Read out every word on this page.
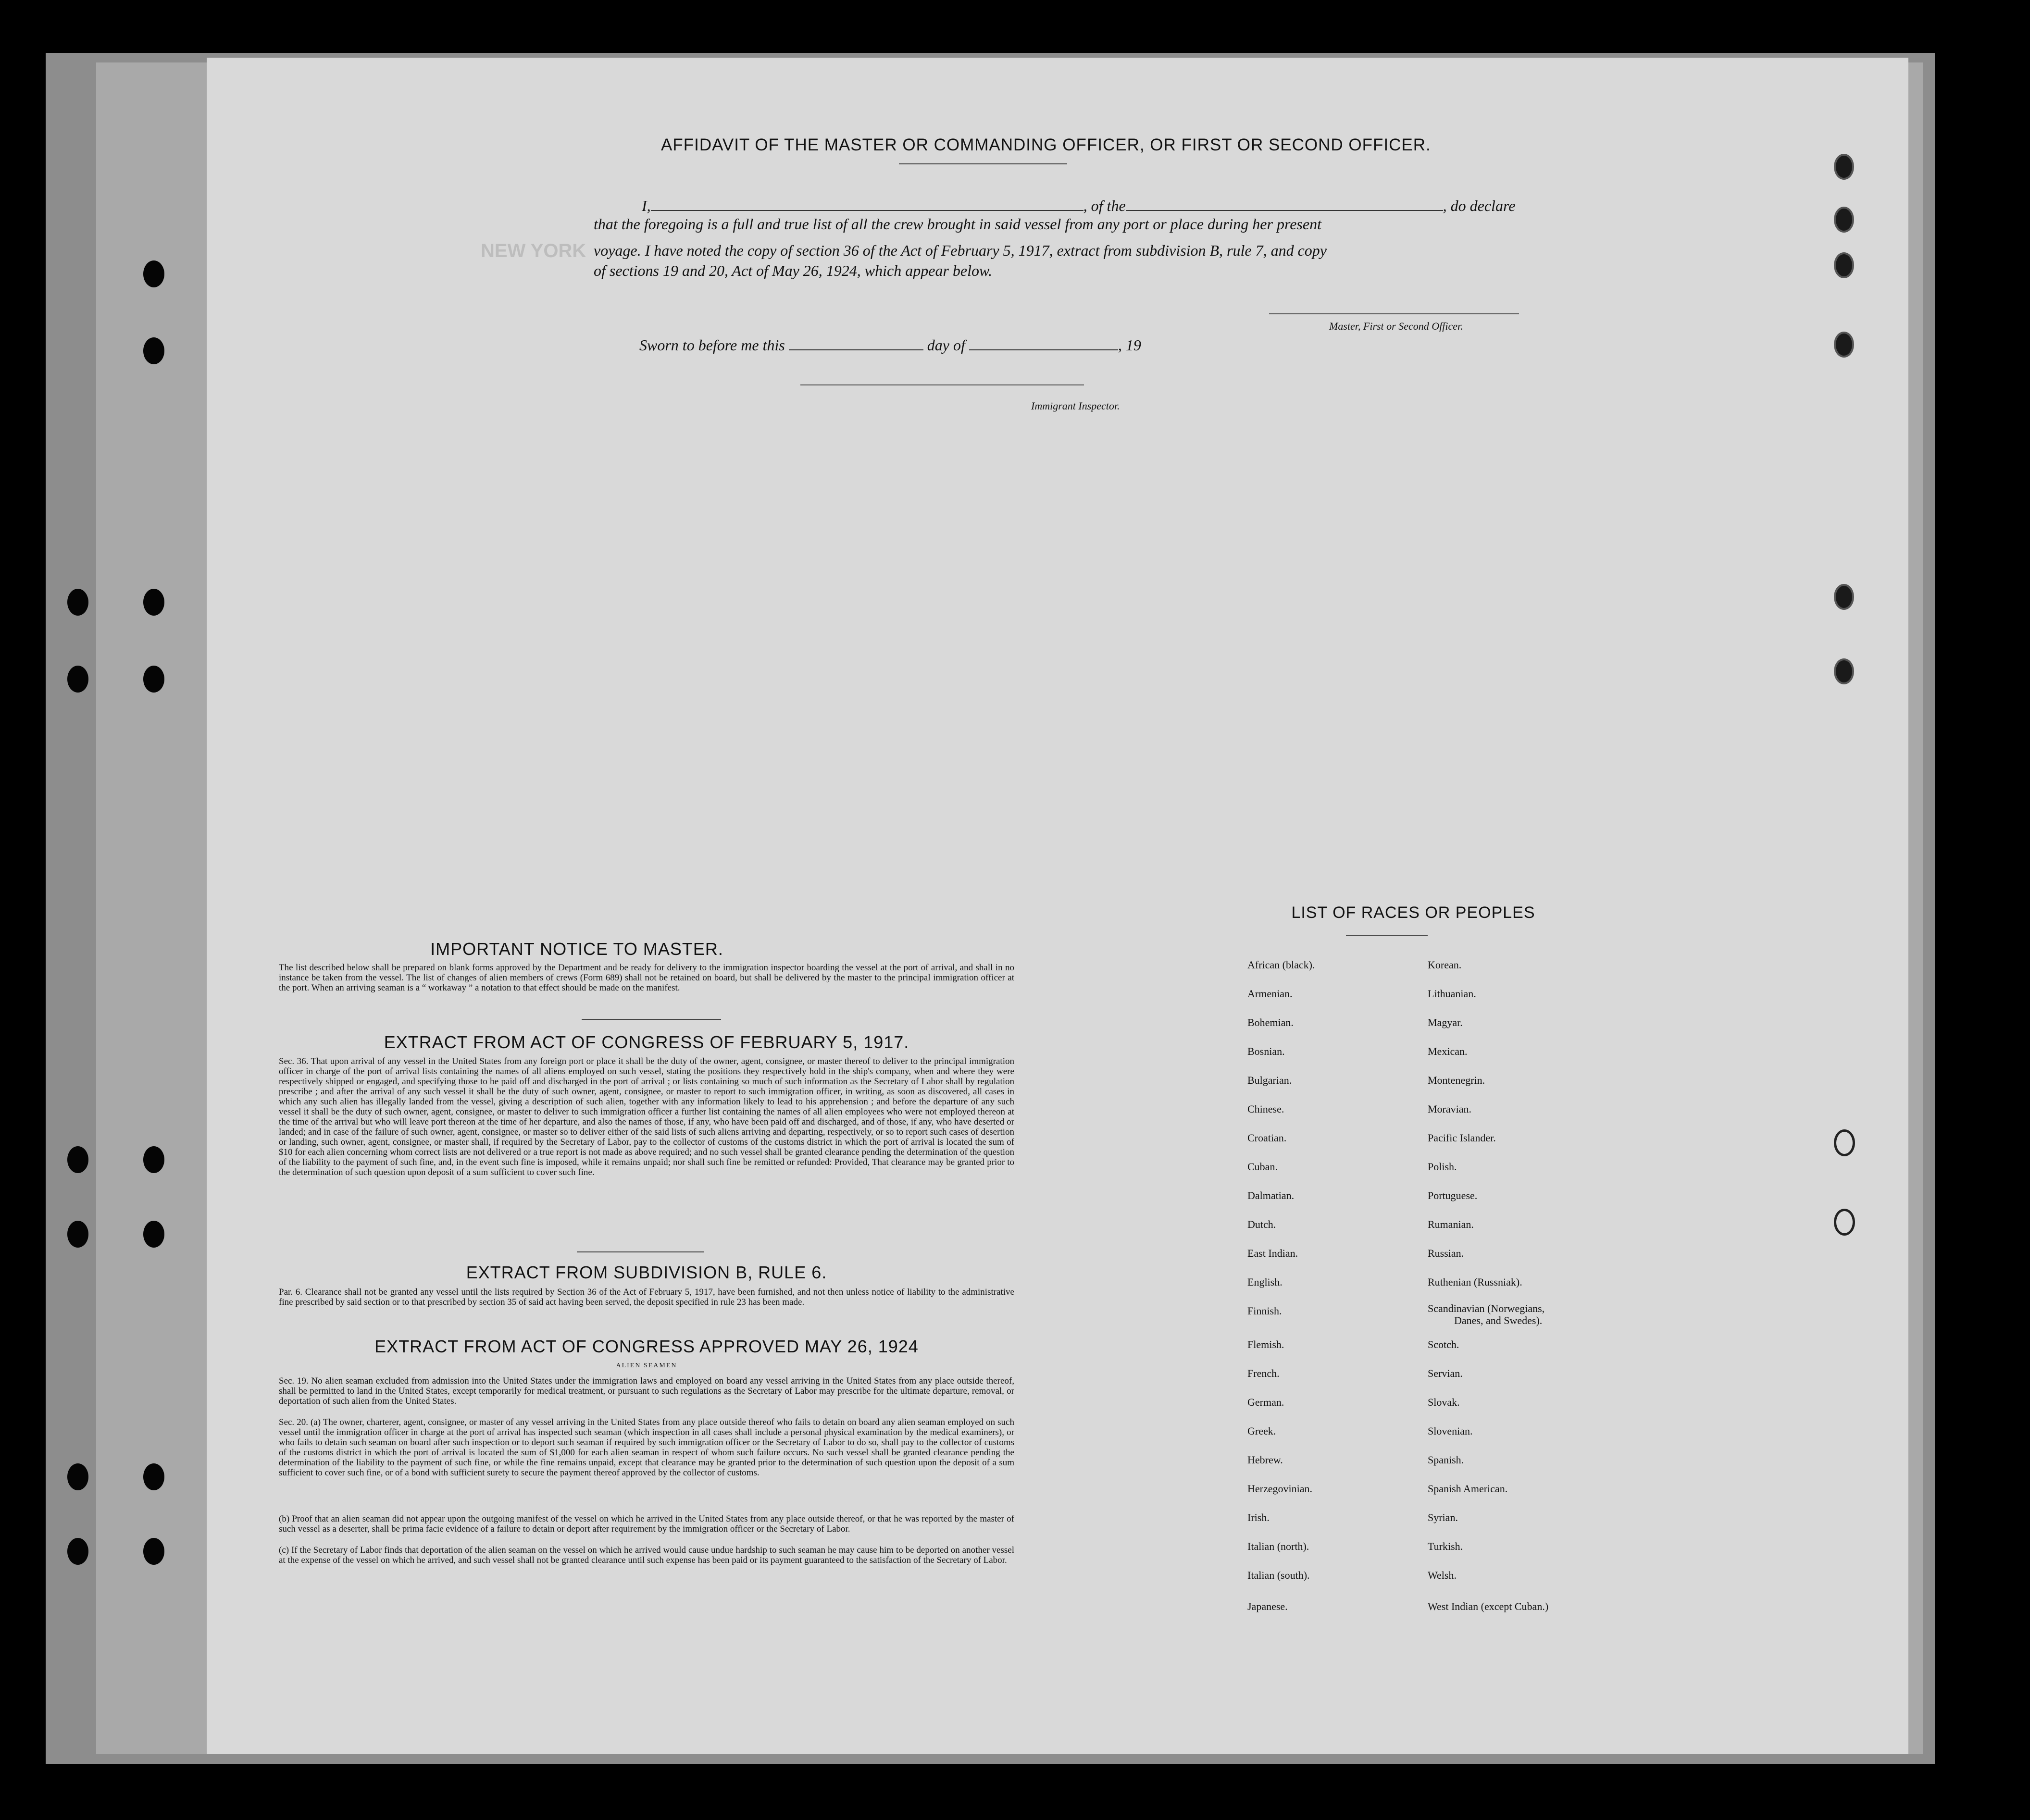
NEW YORK
AFFIDAVIT OF THE MASTER OR COMMANDING OFFICER, OR FIRST OR SECOND OFFICER.
I,	, of the	, do declare
that the foregoing is a full and true list of all the crew brought in said vessel from any port or place during her present
voyage. I have noted the copy of section 36 of the Act of February 5, 1917, extract from subdivision B, rule 7, and copy
of sections 19 and 20, Act of May 26, 1924, which appear below.
Master, First or Second Officer.
Sworn to before me this	day of	, 19
Immigrant Inspector.
IMPORTANT NOTICE TO MASTER.
The list described below shall be prepared on blank forms approved by the Department and be ready for delivery to the immigration inspector boarding the vessel at the port of arrival, and shall in no instance be taken from the vessel. The list of changes of alien members of crews (Form 689) shall not be retained on board, but shall be delivered by the master to the principal immigration officer at the port. When an arriving seaman is a “ workaway ” a notation to that effect should be made on the manifest.
EXTRACT FROM ACT OF CONGRESS OF FEBRUARY 5, 1917.
Sec. 36. That upon arrival of any vessel in the United States from any foreign port or place it shall be the duty of the owner, agent, consignee, or master thereof to deliver to the principal immigration officer in charge of the port of arrival lists containing the names of all aliens employed on such vessel, stating the positions they respectively hold in the ship's company, when and where they were respectively shipped or engaged, and specifying those to be paid off and discharged in the port of arrival ; or lists containing so much of such information as the Secretary of Labor shall by regulation prescribe ; and after the arrival of any such vessel it shall be the duty of such owner, agent, consignee, or master to report to such immigration officer, in writing, as soon as discovered, all cases in which any such alien has illegally landed from the vessel, giving a description of such alien, together with any information likely to lead to his apprehension ; and before the departure of any such vessel it shall be the duty of such owner, agent, consignee, or master to deliver to such immigration officer a further list containing the names of all alien employees who were not employed thereon at the time of the arrival but who will leave port thereon at the time of her departure, and also the names of those, if any, who have been paid off and discharged, and of those, if any, who have deserted or landed; and in case of the failure of such owner, agent, consignee, or master so to deliver either of the said lists of such aliens arriving and departing, respectively, or so to report such cases of desertion or landing, such owner, agent, consignee, or master shall, if required by the Secretary of Labor, pay to the collector of customs of the customs district in which the port of arrival is located the sum of $10 for each alien concerning whom correct lists are not delivered or a true report is not made as above required; and no such vessel shall be granted clearance pending the determination of the question of the liability to the payment of such fine, and, in the event such fine is imposed, while it remains unpaid; nor shall such fine be remitted or refunded: Provided, That clearance may be granted prior to the determination of such question upon deposit of a sum sufficient to cover such fine.
EXTRACT FROM SUBDIVISION B, RULE 6.
Par. 6. Clearance shall not be granted any vessel until the lists required by Section 36 of the Act of February 5, 1917, have been furnished, and not then unless notice of liability to the administrative fine prescribed by said section or to that prescribed by section 35 of said act having been served, the deposit specified in rule 23 has been made.
EXTRACT FROM ACT OF CONGRESS APPROVED MAY 26, 1924
ALIEN SEAMEN
Sec. 19. No alien seaman excluded from admission into the United States under the immigration laws and employed on board any vessel arriving in the United States from any place outside thereof, shall be permitted to land in the United States, except temporarily for medical treatment, or pursuant to such regulations as the Secretary of Labor may prescribe for the ultimate departure, removal, or deportation of such alien from the United States.
Sec. 20. (a) The owner, charterer, agent, consignee, or master of any vessel arriving in the United States from any place outside thereof who fails to detain on board any alien seaman employed on such vessel until the immigration officer in charge at the port of arrival has inspected such seaman (which inspection in all cases shall include a personal physical examination by the medical examiners), or who fails to detain such seaman on board after such inspection or to deport such seaman if required by such immigration officer or the Secretary of Labor to do so, shall pay to the collector of customs of the customs district in which the port of arrival is located the sum of $1,000 for each alien seaman in respect of whom such failure occurs. No such vessel shall be granted clearance pending the determination of the liability to the payment of such fine, or while the fine remains unpaid, except that clearance may be granted prior to the determination of such question upon the deposit of a sum sufficient to cover such fine, or of a bond with sufficient surety to secure the payment thereof approved by the collector of customs.
(b) Proof that an alien seaman did not appear upon the outgoing manifest of the vessel on which he arrived in the United States from any place outside thereof, or that he was reported by the master of such vessel as a deserter, shall be prima facie evidence of a failure to detain or deport after requirement by the immigration officer or the Secretary of Labor.
(c) If the Secretary of Labor finds that deportation of the alien seaman on the vessel on which he arrived would cause undue hardship to such seaman he may cause him to be deported on another vessel at the expense of the vessel on which he arrived, and such vessel shall not be granted clearance until such expense has been paid or its payment guaranteed to the satisfaction of the Secretary of Labor.
LIST OF RACES OR PEOPLES
African (black).
Armenian.
Bohemian.
Bosnian.
Bulgarian.
Chinese.
Croatian.
Cuban.
Dalmatian.
Dutch.
East Indian.
English.
Finnish.
Flemish.
French.
German.
Greek.
Hebrew.
Herzegovinian.
Irish.
Italian (north).
Italian (south).
Japanese.
Korean.
Lithuanian.
Magyar.
Mexican.
Montenegrin.
Moravian.
Pacific Islander.
Polish.
Portuguese.
Rumanian.
Russian.
Ruthenian (Russniak).
Scandinavian (Norwegians,
Danes, and Swedes).
Scotch.
Servian.
Slovak.
Slovenian.
Spanish.
Spanish American.
Syrian.
Turkish.
Welsh.
West Indian (except Cuban.)
